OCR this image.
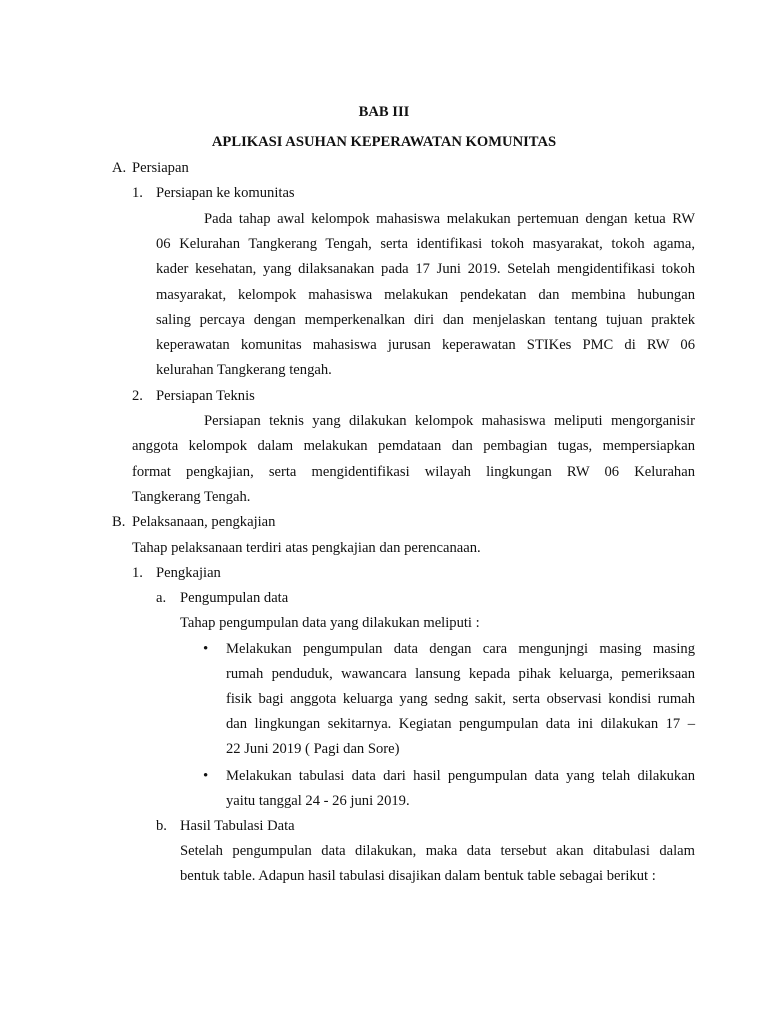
BAB III
APLIKASI ASUHAN KEPERAWATAN KOMUNITAS
A. Persiapan
1. Persiapan ke komunitas
Pada tahap awal kelompok mahasiswa melakukan pertemuan dengan ketua RW
06 Kelurahan Tangkerang Tengah, serta identifikasi tokoh masyarakat, tokoh agama,
kader kesehatan, yang dilaksanakan pada 17 Juni 2019. Setelah mengidentifikasi tokoh
masyarakat, kelompok mahasiswa melakukan pendekatan dan membina hubungan
saling percaya dengan memperkenalkan diri dan menjelaskan tentang tujuan praktek
keperawatan komunitas mahasiswa jurusan keperawatan STIKes PMC di RW 06
kelurahan Tangkerang tengah.
2. Persiapan Teknis
Persiapan teknis yang dilakukan kelompok mahasiswa meliputi mengorganisir
anggota kelompok dalam melakukan pemdataan dan pembagian tugas, mempersiapkan
format pengkajian, serta mengidentifikasi wilayah lingkungan RW 06 Kelurahan
Tangkerang Tengah.
B. Pelaksanaan, pengkajian
Tahap pelaksanaan terdiri atas pengkajian dan perencanaan.
1. Pengkajian
a. Pengumpulan data
Tahap pengumpulan data yang dilakukan meliputi :
• Melakukan pengumpulan data dengan cara mengunjngi masing masing
rumah penduduk, wawancara lansung kepada pihak keluarga, pemeriksaan
fisik bagi anggota keluarga yang sedng sakit, serta observasi kondisi rumah
dan lingkungan sekitarnya. Kegiatan pengumpulan data ini dilakukan 17 –
22 Juni 2019 ( Pagi dan Sore)
• Melakukan tabulasi data dari hasil pengumpulan data yang telah dilakukan
yaitu tanggal 24 - 26 juni 2019.
b. Hasil Tabulasi Data
Setelah pengumpulan data dilakukan, maka data tersebut akan ditabulasi dalam
bentuk table. Adapun hasil tabulasi disajikan dalam bentuk table sebagai berikut :
